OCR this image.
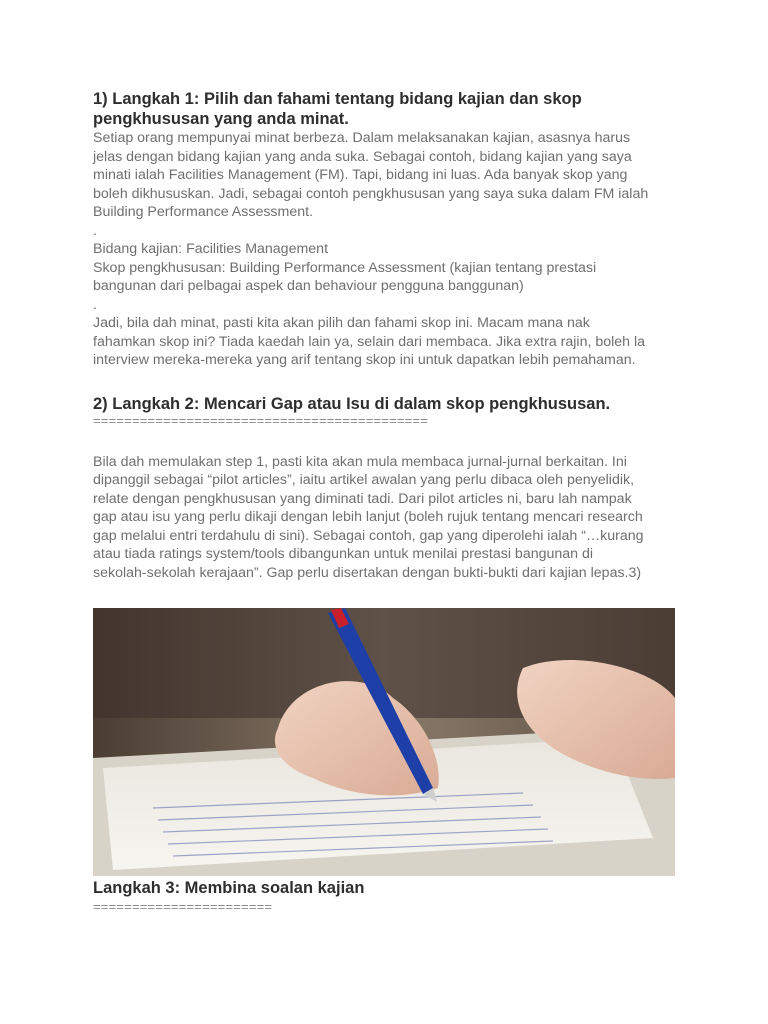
1) Langkah 1: Pilih dan fahami tentang bidang kajian dan skop
pengkhususan yang anda minat.

Setiap orang mempunyai minat berbeza. Dalam melaksanakan kajian, asasnya harus
jelas dengan bidang kajian yang anda suka. Sebagai contoh, bidang kajian yang saya
minati ialah Facilities Management (FM). Tapi, bidang ini luas. Ada banyak skop yang
boleh dikhususkan. Jadi, sebagai contoh pengkhususan yang saya suka dalam FM ialah
Building Performance Assessment.
.
Bidang kajian: Facilities Management
Skop pengkhususan: Building Performance Assessment (kajian tentang prestasi
bangunan dari pelbagai aspek dan behaviour pengguna banggunan)
.
Jadi, bila dah minat, pasti kita akan pilih dan fahami skop ini. Macam mana nak
fahamkan skop ini? Tiada kaedah lain ya, selain dari membaca. Jika extra rajin, boleh la
interview mereka-mereka yang arif tentang skop ini untuk dapatkan lebih pemahaman.

2) Langkah 2: Mencari Gap atau Isu di dalam skop pengkhususan.
===========================================

Bila dah memulakan step 1, pasti kita akan mula membaca jurnal-jurnal berkaitan. Ini
dipanggil sebagai “pilot articles”, iaitu artikel awalan yang perlu dibaca oleh penyelidik,
relate dengan pengkhususan yang diminati tadi. Dari pilot articles ni, baru lah nampak
gap atau isu yang perlu dikaji dengan lebih lanjut (boleh rujuk tentang mencari research
gap melalui entri terdahulu di sini). Sebagai contoh, gap yang diperolehi ialah “…kurang
atau tiada ratings system/tools dibangunkan untuk menilai prestasi bangunan di
sekolah-sekolah kerajaan”. Gap perlu disertakan dengan bukti-bukti dari kajian lepas.3)

Langkah 3: Membina soalan kajian
=======================
